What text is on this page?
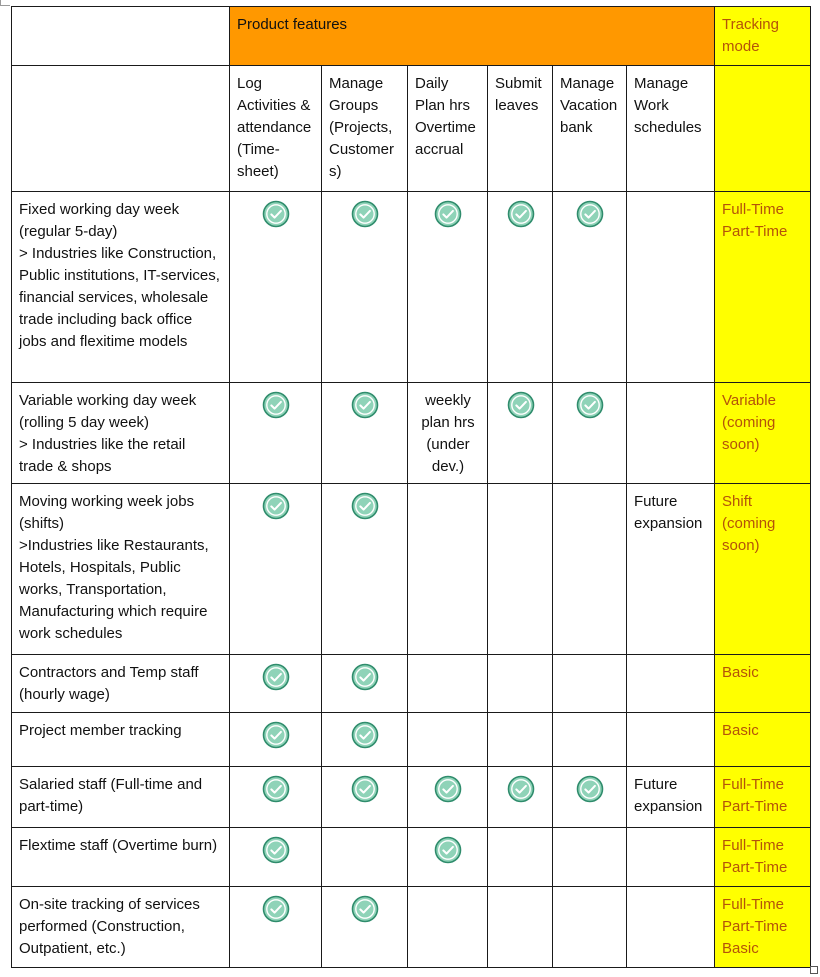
	Product features						Tracking mode
	Log Activities & attendance (Time-sheet)	Manage Groups (Projects, Customers)	Daily Plan hrs Overtime accrual	Submit leaves	Manage Vacation bank	Manage Work schedules	

Fixed working day week (regular 5-day)
> Industries like Construction, Public institutions, IT-services, financial services, wholesale trade including back office jobs and flexitime models							Full-Time
Part-Time

Variable working day week (rolling 5 day week)
> Industries like the retail trade & shops			weekly plan hrs (under dev.)				Variable (coming soon)

Moving working week jobs (shifts)
>Industries like Restaurants, Hotels, Hospitals, Public works, Transportation, Manufacturing which require work schedules						Future expansion	Shift (coming soon)

Contractors and Temp staff (hourly wage)							Basic

Project member tracking							Basic

Salaried staff (Full-time and part-time)						Future expansion	Full-Time
Part-Time

Flextime staff (Overtime burn)							Full-Time
Part-Time

On-site tracking of services performed (Construction, Outpatient, etc.)							Full-Time
Part-Time
Basic
